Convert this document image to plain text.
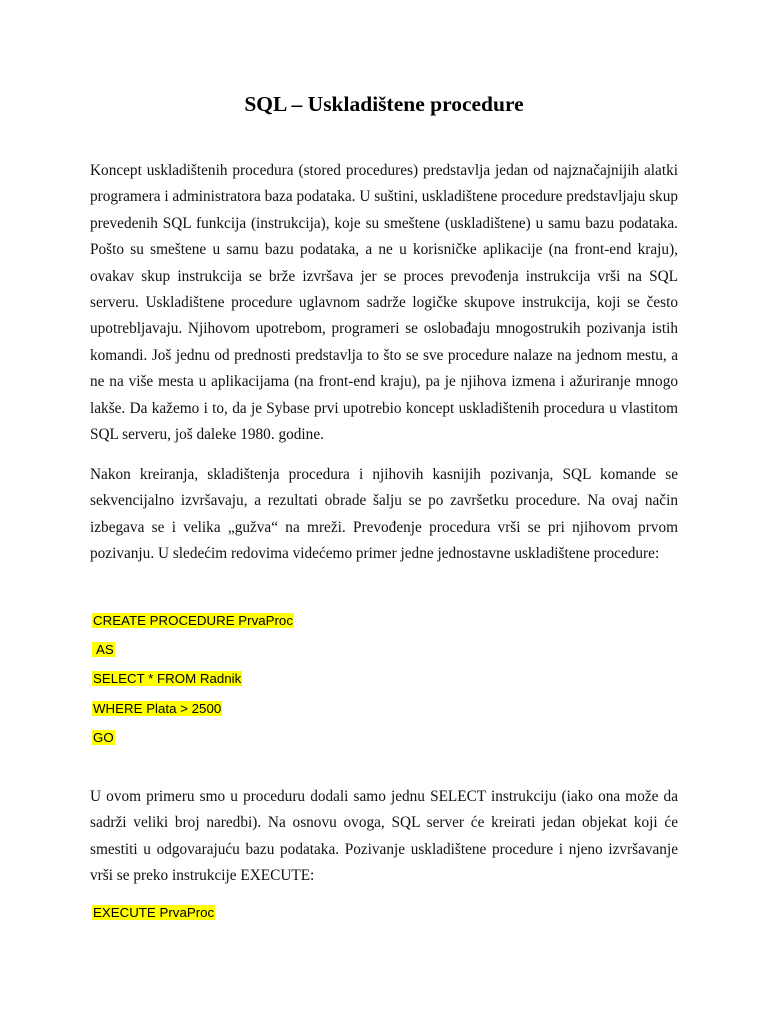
SQL – Uskladištene procedure

Koncept uskladištenih procedura (stored procedures) predstavlja jedan od najznačajnijih alatki programera i administratora baza podataka. U suštini, uskladištene procedure predstavljaju skup prevedenih SQL funkcija (instrukcija), koje su smeštene (uskladištene) u samu bazu podataka. Pošto su smeštene u samu bazu podataka, a ne u korisničke aplikacije (na front-end kraju), ovakav skup instrukcija se brže izvršava jer se proces prevođenja instrukcija vrši na SQL serveru. Uskladištene procedure uglavnom sadrže logičke skupove instrukcija, koji se često upotrebljavaju. Njihovom upotrebom, programeri se oslobađaju mnogostrukih pozivanja istih komandi. Još jednu od prednosti predstavlja to što se sve procedure nalaze na jednom mestu, a ne na više mesta u aplikacijama (na front-end kraju), pa je njihova izmena i ažuriranje mnogo lakše. Da kažemo i to, da je Sybase prvi upotrebio koncept uskladištenih procedura u vlastitom SQL serveru, još daleke 1980. godine.

Nakon kreiranja, skladištenja procedura i njihovih kasnijih pozivanja, SQL komande se sekvencijalno izvršavaju, a rezultati obrade šalju se po završetku procedure. Na ovaj način izbegava se i velika „gužva“ na mreži. Prevođenje procedura vrši se pri njihovom prvom pozivanju. U sledećim redovima videćemo primer jedne jednostavne uskladištene procedure:

CREATE PROCEDURE PrvaProc
AS
SELECT * FROM Radnik
WHERE Plata > 2500
GO

U ovom primeru smo u proceduru dodali samo jednu SELECT instrukciju (iako ona može da sadrži veliki broj naredbi). Na osnovu ovoga, SQL server će kreirati jedan objekat koji će smestiti u odgovarajuću bazu podataka. Pozivanje uskladištene procedure i njeno izvršavanje vrši se preko instrukcije EXECUTE:

EXECUTE PrvaProc
